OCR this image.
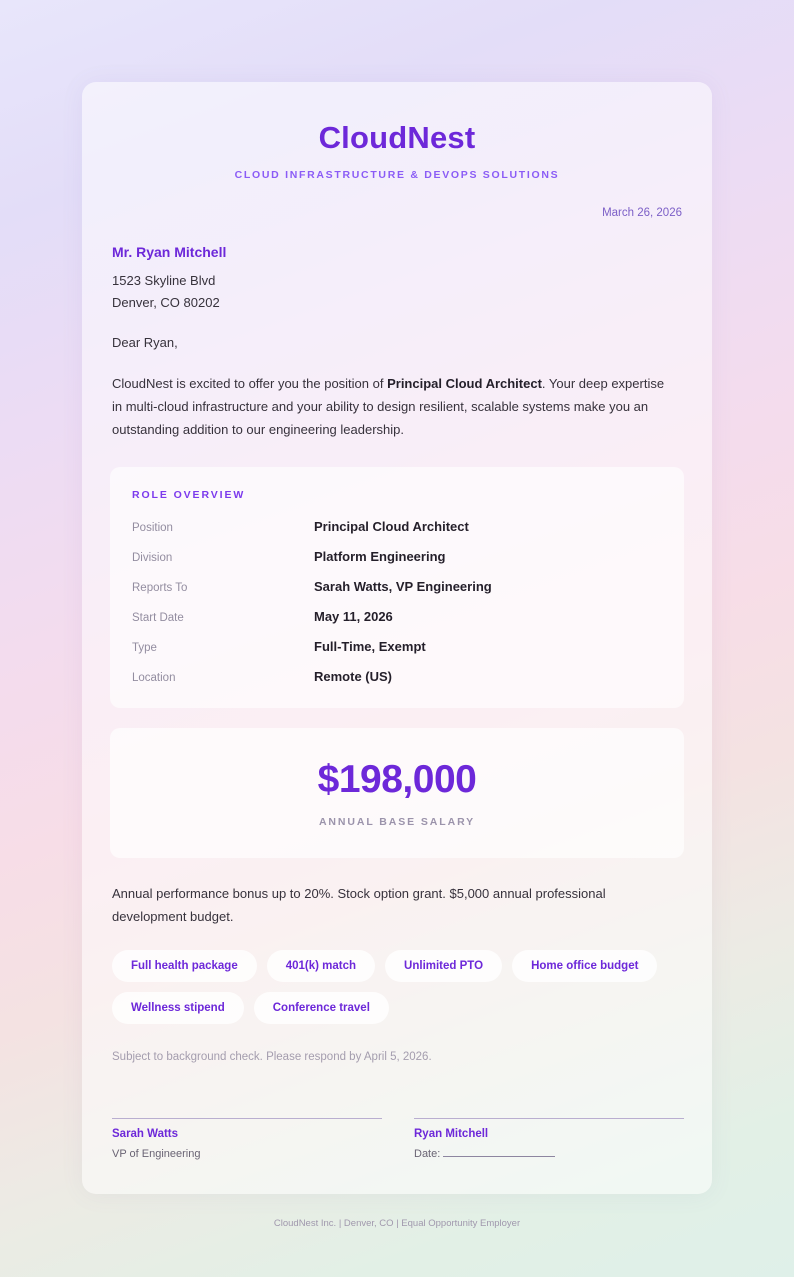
CloudNest
CLOUD INFRASTRUCTURE & DEVOPS SOLUTIONS
March 26, 2026
Mr. Ryan Mitchell
1523 Skyline Blvd
Denver, CO 80202
Dear Ryan,
CloudNest is excited to offer you the position of Principal Cloud Architect. Your deep expertise in multi-cloud infrastructure and your ability to design resilient, scalable systems make you an outstanding addition to our engineering leadership.
ROLE OVERVIEW
Position	Principal Cloud Architect
Division	Platform Engineering
Reports To	Sarah Watts, VP Engineering
Start Date	May 11, 2026
Type	Full-Time, Exempt
Location	Remote (US)
$198,000
ANNUAL BASE SALARY
Annual performance bonus up to 20%. Stock option grant. $5,000 annual professional development budget.
Full health package	401(k) match	Unlimited PTO	Home office budget
Wellness stipend	Conference travel
Subject to background check. Please respond by April 5, 2026.
Sarah Watts
VP of Engineering
Ryan Mitchell
Date:
CloudNest Inc. | Denver, CO | Equal Opportunity Employer
